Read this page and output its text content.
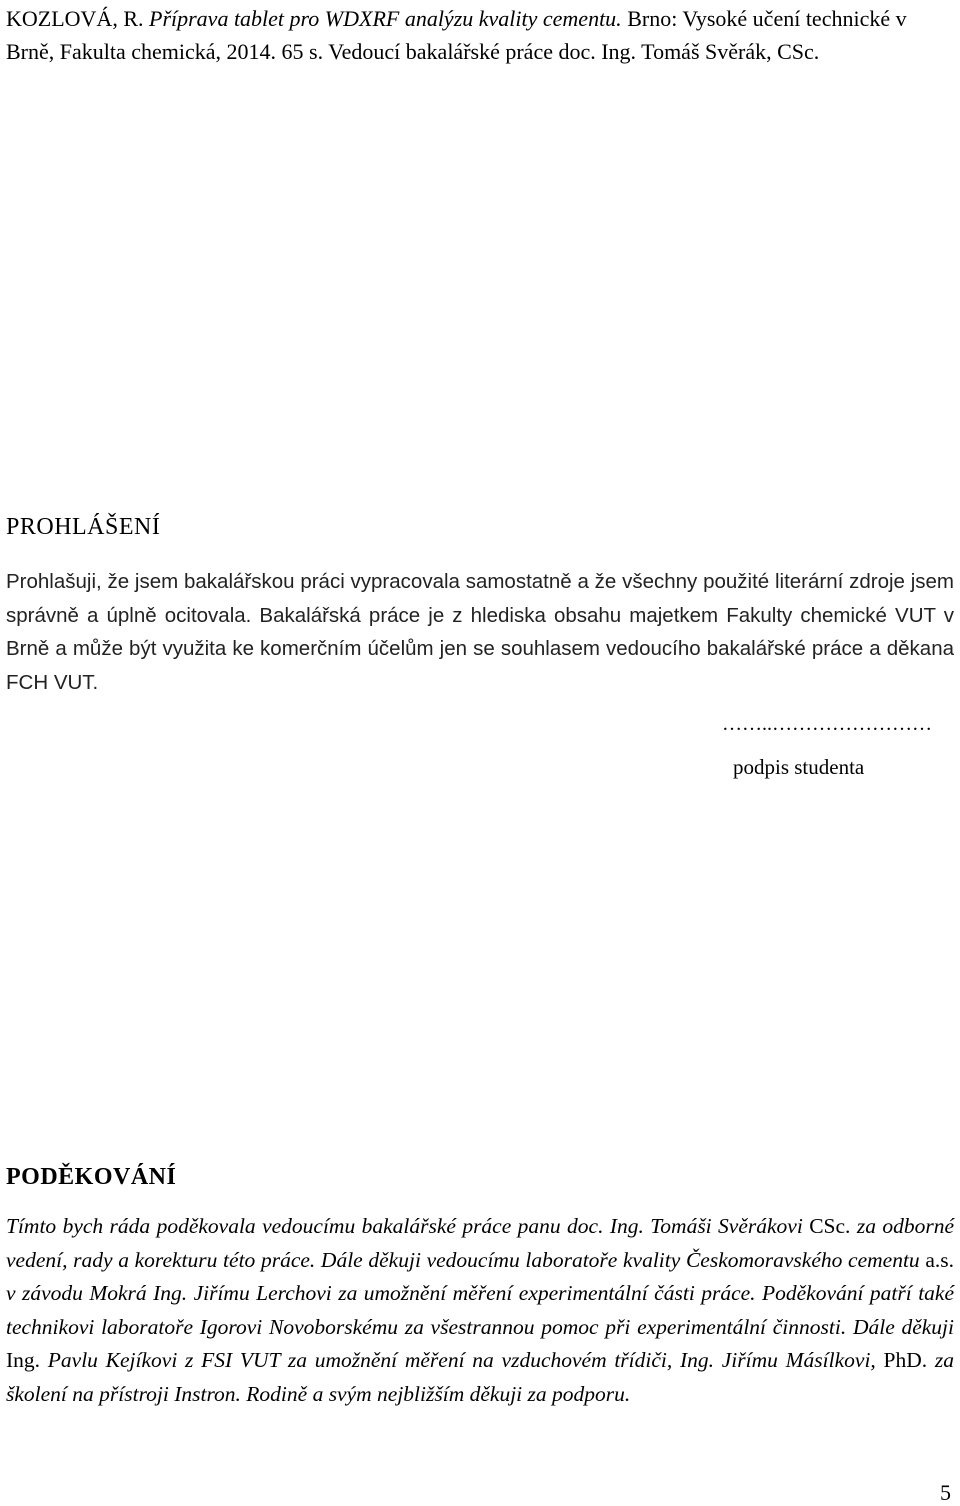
KOZLOVÁ, R. Příprava tablet pro WDXRF analýzu kvality cementu. Brno: Vysoké učení technické v Brně, Fakulta chemická, 2014. 65 s. Vedoucí bakalářské práce doc. Ing. Tomáš Svěrák, CSc.
PROHLÁŠENÍ
Prohlašuji, že jsem bakalářskou práci vypracovala samostatně a že všechny použité literární zdroje jsem správně a úplně ocitovala. Bakalářská práce je z hlediska obsahu majetkem Fakulty chemické VUT v Brně a může být využita ke komerčním účelům jen se souhlasem vedoucího bakalářské práce a děkana FCH VUT.
……..……………………
podpis studenta
PODĚKOVÁNÍ
Tímto bych ráda poděkovala vedoucímu bakalářské práce panu doc. Ing. Tomáši Svěrákovi CSc. za odborné vedení, rady a korekturu této práce. Dále děkuji vedoucímu laboratoře kvality Českomoravského cementu a.s. v závodu Mokrá Ing. Jiřímu Lerchovi za umožnění měření experimentální části práce. Poděkování patří také technikovi laboratoře Igorovi Novoborskému za všestrannou pomoc při experimentální činnosti. Dále děkuji Ing. Pavlu Kejíkovi z FSI VUT za umožnění měření na vzduchovém třídiči, Ing. Jiřímu Másílkovi, PhD. za školení na přístroji Instron. Rodině a svým nejbližším děkuji za podporu.
5
